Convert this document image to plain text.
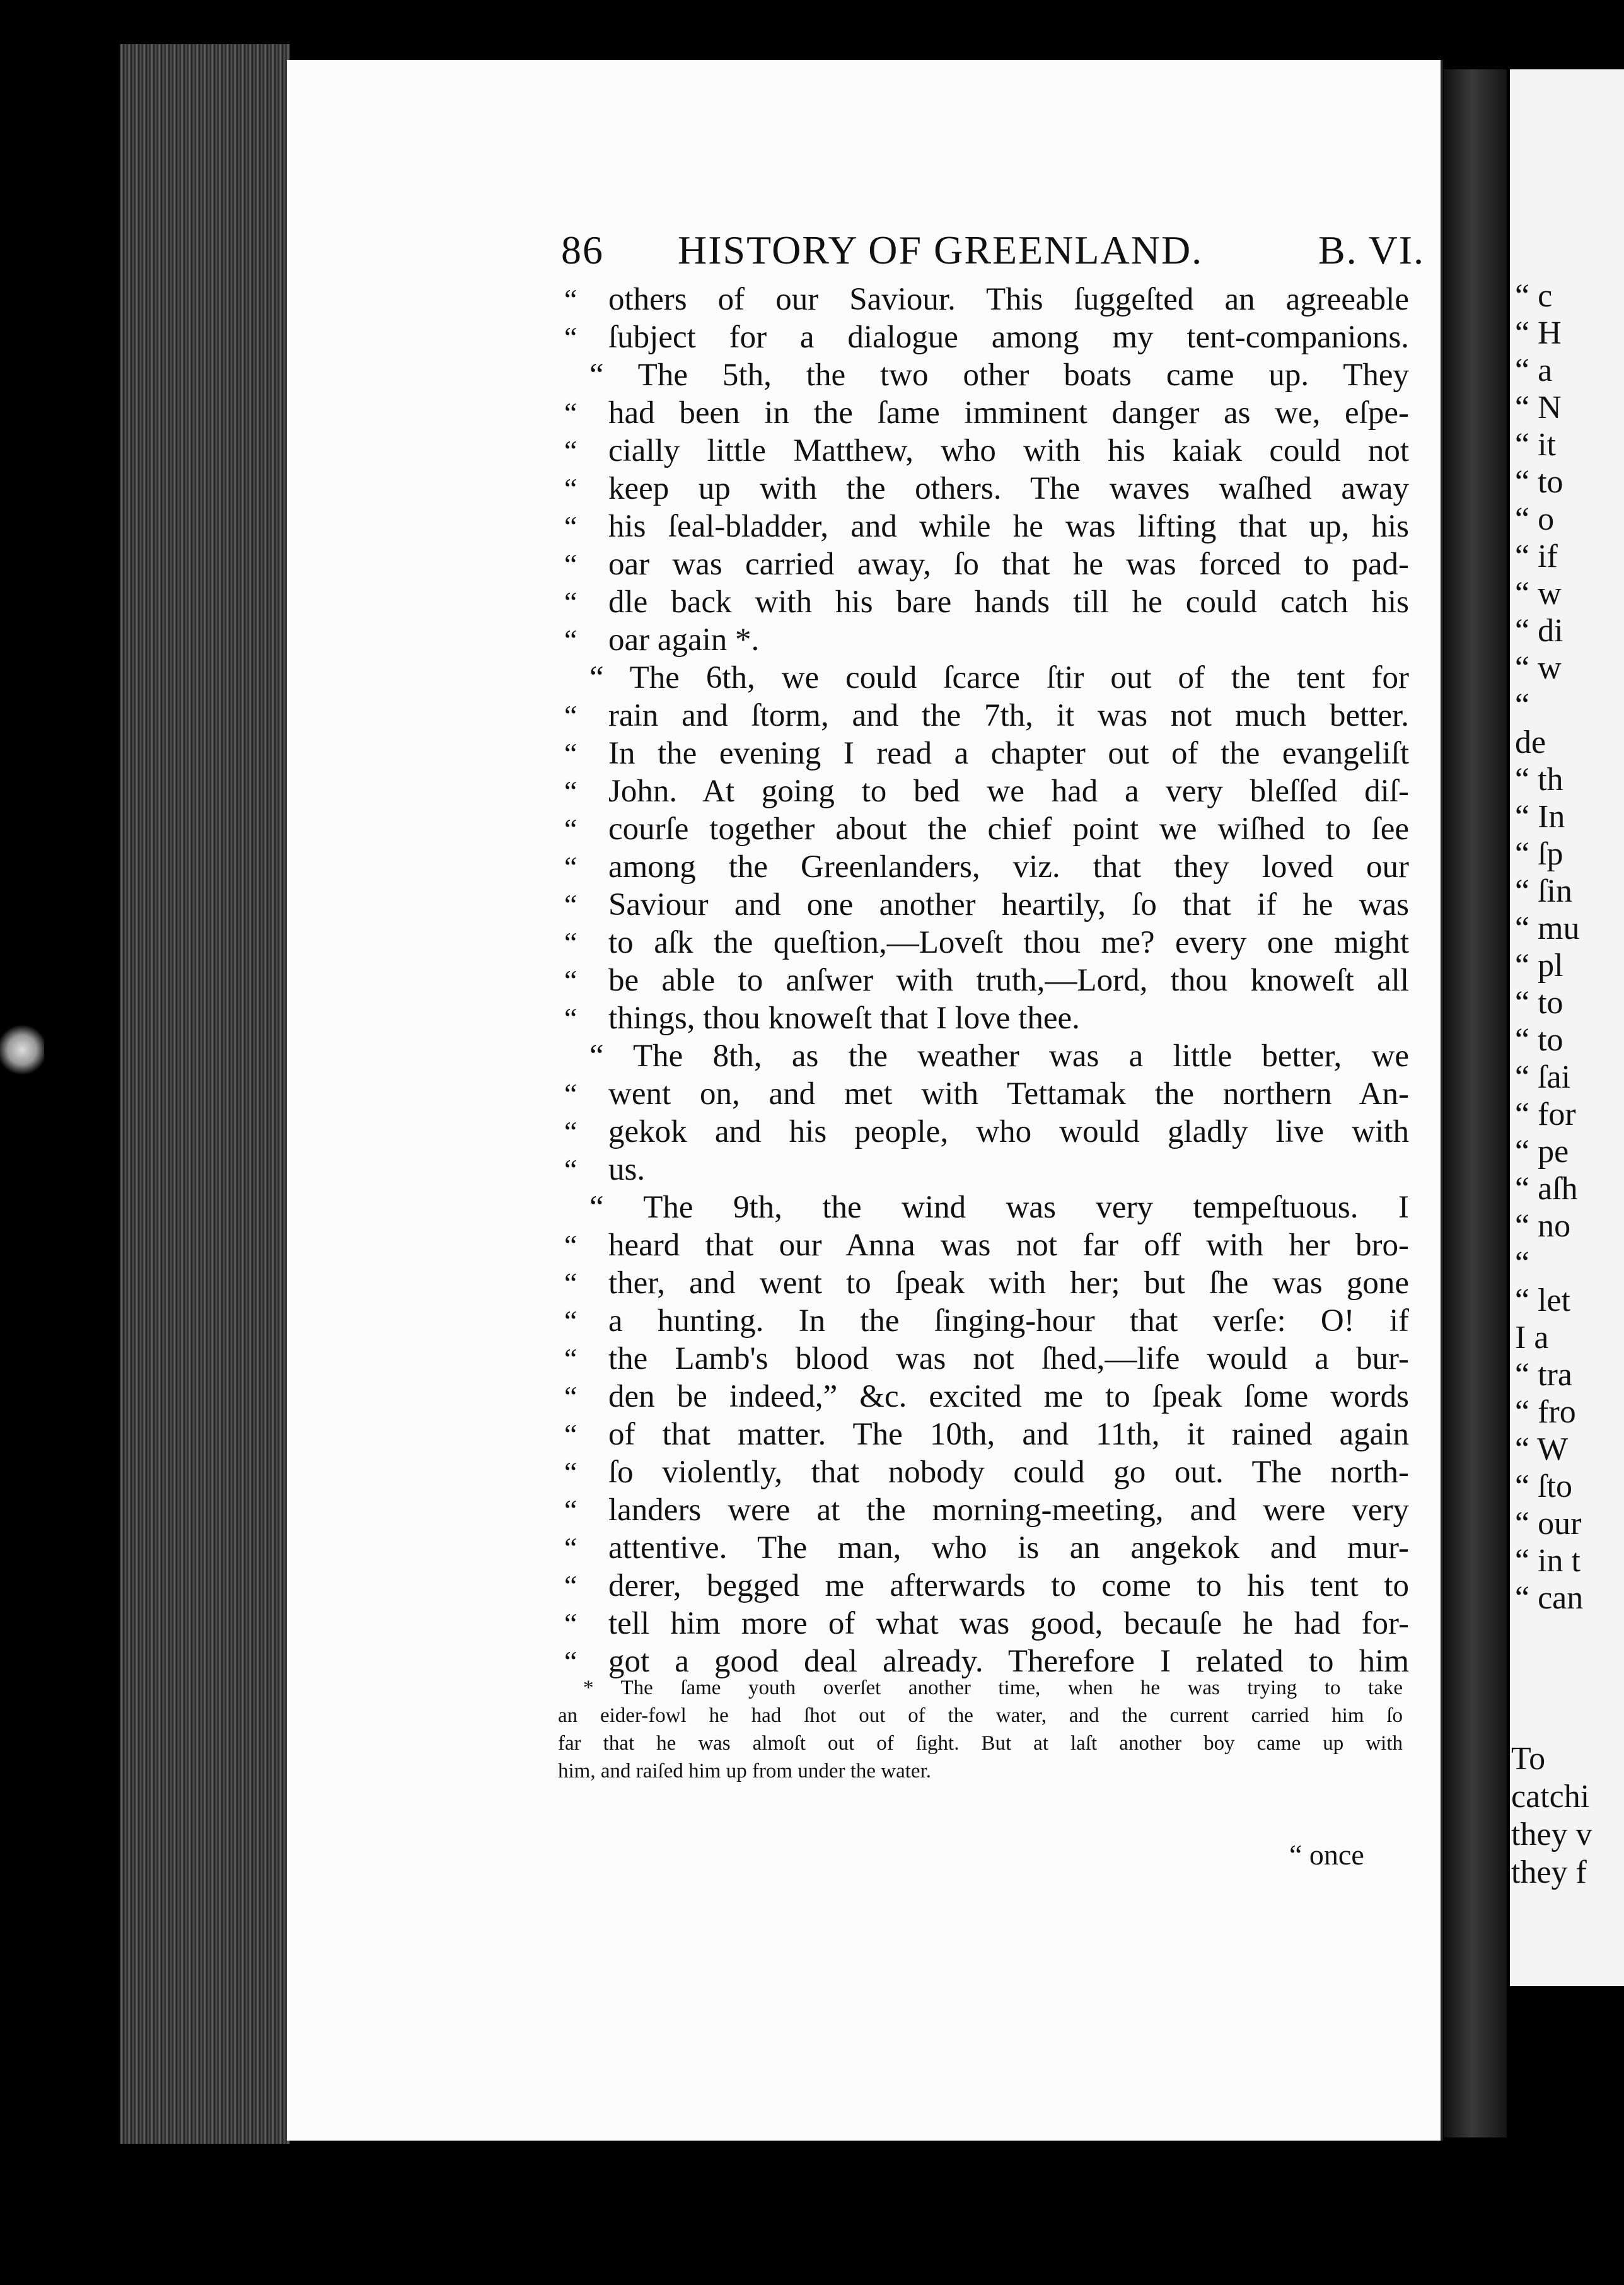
“ c
“ H
“ a
“ N
“ it
“ to
“ o
“ if
“ w
“ di
“ w
“
de
“ th
“ In
“ ſp
“ ſin
“ mu
“ pl
“ to
“ to
“ ſai
“ for
“ pe
“ aſh
“ no
“
“ let
I a
“ tra
“ fro
“ W
“ ſto
“ our
“ in t
“ can
To
catchi
they v
they f
86 HISTORY OF GREENLAND.	B. VI.
“ others of our Saviour. This ſuggeſted an agreeable
“ ſubject for a dialogue among my tent-companions.
“ The 5th, the two other boats came up. They
“ had been in the ſame imminent danger as we, eſpe-
“ cially little Matthew, who with his kaiak could not
“ keep up with the others. The waves waſhed away
“ his ſeal-bladder, and while he was lifting that up, his
“ oar was carried away, ſo that he was forced to pad-
“ dle back with his bare hands till he could catch his
“ oar again *.
“ The 6th, we could ſcarce ſtir out of the tent for
“ rain and ſtorm, and the 7th, it was not much better.
“ In the evening I read a chapter out of the evangeliſt
“ John. At going to bed we had a very bleſſed diſ-
“ courſe together about the chief point we wiſhed to ſee
“ among the Greenlanders, viz. that they loved our
“ Saviour and one another heartily, ſo that if he was
“ to aſk the queſtion,—Loveſt thou me? every one might
“ be able to anſwer with truth,—Lord, thou knoweſt all
“ things, thou knoweſt that I love thee.
“ The 8th, as the weather was a little better, we
“ went on, and met with Tettamak the northern An-
“ gekok and his people, who would gladly live with
“ us.
“ The 9th, the wind was very tempeſtuous. I
“ heard that our Anna was not far off with her bro-
“ ther, and went to ſpeak with her; but ſhe was gone
“ a hunting. In the ſinging-hour that verſe: O! if
“ the Lamb's blood was not ſhed,—life would a bur-
“ den be indeed,” &c. excited me to ſpeak ſome words
“ of that matter. The 10th, and 11th, it rained again
“ ſo violently, that nobody could go out. The north-
“ landers were at the morning-meeting, and were very
“ attentive. The man, who is an angekok and mur-
“ derer, begged me afterwards to come to his tent to
“ tell him more of what was good, becauſe he had for-
“ got a good deal already. Therefore I related to him
* The ſame youth overſet another time, when he was trying to take
an eider-fowl he had ſhot out of the water, and the current carried him ſo
far that he was almoſt out of ſight. But at laſt another boy came up with
him, and raiſed him up from under the water.
“ once
